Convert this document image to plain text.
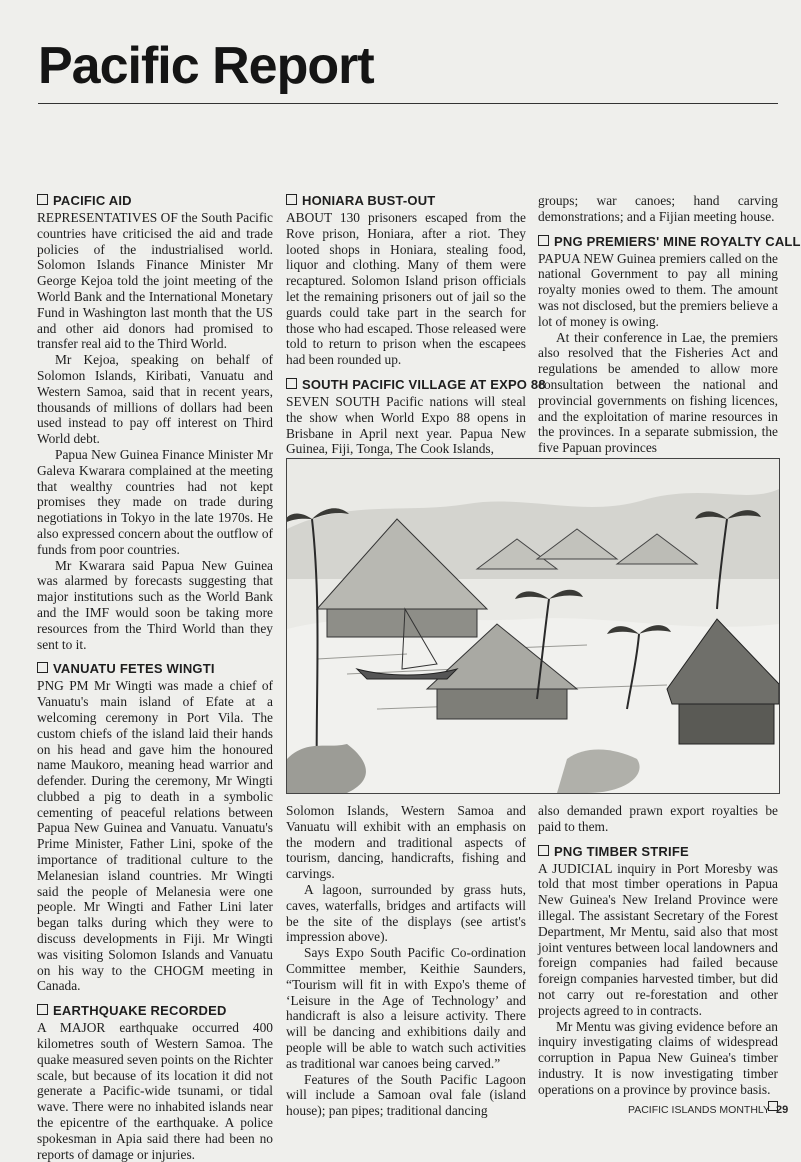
Pacific Report
PACIFIC AID

REPRESENTATIVES OF the South Pacific countries have criticised the aid and trade policies of the industrialised world. Solomon Islands Finance Minister Mr George Kejoa told the joint meeting of the World Bank and the International Monetary Fund in Washington last month that the US and other aid donors had promised to transfer real aid to the Third World.

Mr Kejoa, speaking on behalf of Solomon Islands, Kiribati, Vanuatu and Western Samoa, said that in recent years, thousands of millions of dollars had been used instead to pay off interest on Third World debt.

Papua New Guinea Finance Minister Mr Galeva Kwarara complained at the meeting that wealthy countries had not kept promises they made on trade during negotiations in Tokyo in the late 1970s. He also expressed concern about the outflow of funds from poor countries.

Mr Kwarara said Papua New Guinea was alarmed by forecasts suggesting that major institutions such as the World Bank and the IMF would soon be taking more resources from the Third World than they sent to it.

VANUATU FETES WINGTI

PNG PM Mr Wingti was made a chief of Vanuatu's main island of Efate at a welcoming ceremony in Port Vila. The custom chiefs of the island laid their hands on his head and gave him the honoured name Maukoro, meaning head warrior and defender. During the ceremony, Mr Wingti clubbed a pig to death in a symbolic cementing of peaceful relations between Papua New Guinea and Vanuatu. Vanuatu's Prime Minister, Father Lini, spoke of the importance of traditional culture to the Melanesian island countries. Mr Wingti said the people of Melanesia were one people. Mr Wingti and Father Lini later began talks during which they were to discuss developments in Fiji. Mr Wingti was visiting Solomon Islands and Vanuatu on his way to the CHOGM meeting in Canada.

EARTHQUAKE RECORDED

A MAJOR earthquake occurred 400 kilometres south of Western Samoa. The quake measured seven points on the Richter scale, but because of its location it did not generate a Pacific-wide tsunami, or tidal wave. There were no inhabited islands near the epicentre of the earthquake. A police spokesman in Apia said there had been no reports of damage or injuries.

HONIARA BUST-OUT

ABOUT 130 prisoners escaped from the Rove prison, Honiara, after a riot. They looted shops in Honiara, stealing food, liquor and clothing. Many of them were recaptured. Solomon Island prison officials let the remaining prisoners out of jail so the guards could take part in the search for those who had escaped. Those released were told to return to prison when the escapees had been rounded up.

SOUTH PACIFIC VILLAGE AT EXPO 88

SEVEN SOUTH Pacific nations will steal the show when World Expo 88 opens in Brisbane in April next year. Papua New Guinea, Fiji, Tonga, The Cook Islands,

groups; war canoes; hand carving demonstrations; and a Fijian meeting house.

PNG PREMIERS' MINE ROYALTY CALL

PAPUA NEW Guinea premiers called on the national Government to pay all mining royalty monies owed to them. The amount was not disclosed, but the premiers believe a lot of money is owing.

At their conference in Lae, the premiers also resolved that the Fisheries Act and regulations be amended to allow more consultation between the national and provincial governments on fishing licences, and the exploitation of marine resources in the provinces. In a separate submission, the five Papuan provinces

Solomon Islands, Western Samoa and Vanuatu will exhibit with an emphasis on the modern and traditional aspects of tourism, dancing, handicrafts, fishing and carvings.

A lagoon, surrounded by grass huts, caves, waterfalls, bridges and artifacts will be the site of the displays (see artist's impression above).

Says Expo South Pacific Co-ordination Committee member, Keithie Saunders, “Tourism will fit in with Expo's theme of ‘Leisure in the Age of Technology’ and handicraft is also a leisure activity. There will be dancing and exhibitions daily and people will be able to watch such activities as traditional war canoes being carved.”

Features of the South Pacific Lagoon will include a Samoan oval fale (island house); pan pipes; traditional dancing

also demanded prawn export royalties be paid to them.

PNG TIMBER STRIFE

A JUDICIAL inquiry in Port Moresby was told that most timber operations in Papua New Guinea's New Ireland Province were illegal. The assistant Secretary of the Forest Department, Mr Mentu, said also that most joint ventures between local landowners and foreign companies had failed because foreign companies harvested timber, but did not carry out re-forestation and other projects agreed to in contracts.

Mr Mentu was giving evidence before an inquiry investigating claims of widespread corruption in Papua New Guinea's timber industry. It is now investigating timber operations on a province by province basis.

PACIFIC ISLANDS MONTHLY 29
